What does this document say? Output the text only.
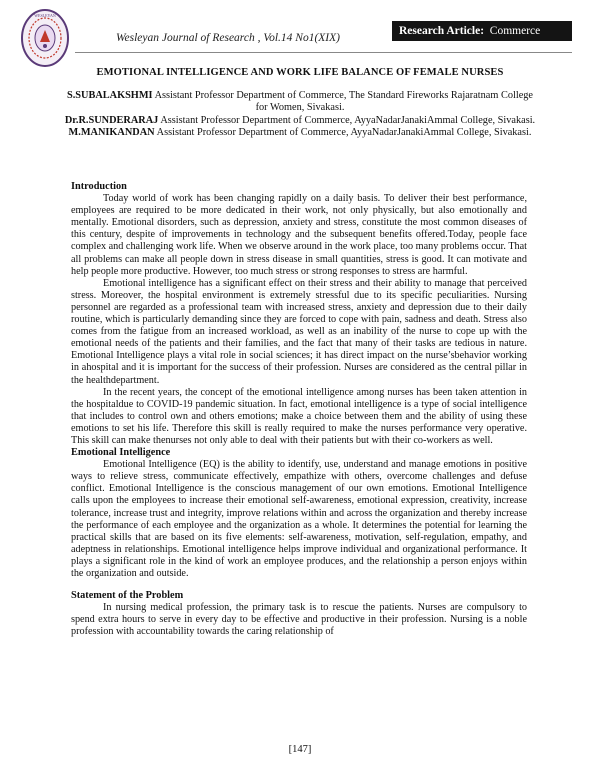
WESLEYAN
Wesleyan Journal of Research , Vol.14 No1(XIX)
Research Article: Commerce
EMOTIONAL INTELLIGENCE AND WORK LIFE BALANCE OF FEMALE NURSES
S.SUBALAKSHMI Assistant Professor Department of Commerce, The Standard Fireworks Rajaratnam College for Women, Sivakasi.
Dr.R.SUNDERARAJ Assistant Professor Department of Commerce, AyyaNadarJanakiAmmal College, Sivakasi.
M.MANIKANDAN Assistant Professor Department of Commerce, AyyaNadarJanakiAmmal College, Sivakasi.
Introduction

Today world of work has been changing rapidly on a daily basis. To deliver their best performance, employees are required to be more dedicated in their work, not only physically, but also emotionally and mentally. Emotional disorders, such as depression, anxiety and stress, constitute the most common diseases of this century, despite of improvements in technology and the subsequent benefits offered.Today, people face complex and challenging work life. When we observe around in the work place, too many problems occur. That all problems can make all people down in stress disease in small quantities, stress is good. It can motivate and help people more productive. However, too much stress or strong responses to stress are harmful.

Emotional intelligence has a significant effect on their stress and their ability to manage that perceived stress. Moreover, the hospital environment is extremely stressful due to its specific peculiarities. Nursing personnel are regarded as a professional team with increased stress, anxiety and depression due to their daily routine, which is particularly demanding since they are forced to cope with pain, sadness and death. Stress also comes from the fatigue from an increased workload, as well as an inability of the nurse to cope up with the emotional needs of the patients and their families, and the fact that many of their tasks are tedious in nature. Emotional Intelligence plays a vital role in social sciences; it has direct impact on the nurse’sbehavior working in ahospital and it is important for the success of their profession. Nurses are considered as the central pillar in the healthdepartment.

In the recent years, the concept of the emotional intelligence among nurses has been taken attention in the hospitaldue to COVID-19 pandemic situation. In fact, emotional intelligence is a type of social intelligence that includes to control own and others emotions; make a choice between them and the ability of using these emotions to set his life. Therefore this skill is really required to make the nurses performance very operative. This skill can make thenurses not only able to deal with their patients but with their co-workers as well.

Emotional Intelligence

Emotional Intelligence (EQ) is the ability to identify, use, understand and manage emotions in positive ways to relieve stress, communicate effectively, empathize with others, overcome challenges and defuse conflict. Emotional Intelligence is the conscious management of our own emotions. Emotional Intelligence calls upon the employees to increase their emotional self-awareness, emotional expression, creativity, increase tolerance, increase trust and integrity, improve relations within and across the organization and thereby increase the performance of each employee and the organization as a whole. It determines the potential for learning the practical skills that are based on its five elements: self-awareness, motivation, self-regulation, empathy, and adeptness in relationships. Emotional intelligence helps improve individual and organizational performance. It plays a significant role in the kind of work an employee produces, and the relationship a person enjoys within the organization and outside.

Statement of the Problem

In nursing medical profession, the primary task is to rescue the patients. Nurses are compulsory to spend extra hours to serve in every day to be effective and productive in their profession. Nursing is a noble profession with accountability towards the caring relationship of

[147]
